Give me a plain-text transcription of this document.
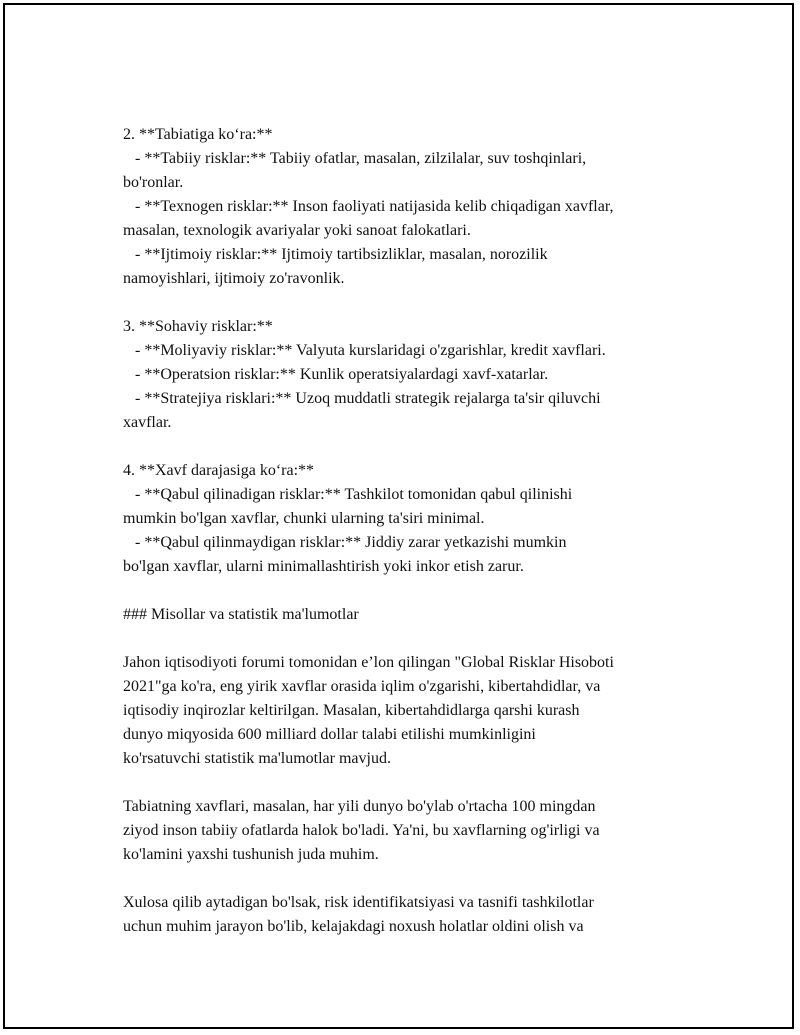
2. **Tabiatiga ko‘ra:**
- **Tabiiy risklar:** Tabiiy ofatlar, masalan, zilzilalar, suv toshqinlari,
bo'ronlar.
- **Texnogen risklar:** Inson faoliyati natijasida kelib chiqadigan xavflar,
masalan, texnologik avariyalar yoki sanoat falokatlari.
- **Ijtimoiy risklar:** Ijtimoiy tartibsizliklar, masalan, norozilik
namoyishlari, ijtimoiy zo'ravonlik.
3. **Sohaviy risklar:**
- **Moliyaviy risklar:** Valyuta kurslaridagi o'zgarishlar, kredit xavflari.
- **Operatsion risklar:** Kunlik operatsiyalardagi xavf-xatarlar.
- **Stratejiya risklari:** Uzoq muddatli strategik rejalarga ta'sir qiluvchi
xavflar.
4. **Xavf darajasiga ko‘ra:**
- **Qabul qilinadigan risklar:** Tashkilot tomonidan qabul qilinishi
mumkin bo'lgan xavflar, chunki ularning ta'siri minimal.
- **Qabul qilinmaydigan risklar:** Jiddiy zarar yetkazishi mumkin
bo'lgan xavflar, ularni minimallashtirish yoki inkor etish zarur.
### Misollar va statistik ma'lumotlar
Jahon iqtisodiyoti forumi tomonidan e’lon qilingan "Global Risklar Hisoboti
2021"ga ko'ra, eng yirik xavflar orasida iqlim o'zgarishi, kibertahdidlar, va
iqtisodiy inqirozlar keltirilgan. Masalan, kibertahdidlarga qarshi kurash
dunyo miqyosida 600 milliard dollar talabi etilishi mumkinligini
ko'rsatuvchi statistik ma'lumotlar mavjud.
Tabiatning xavflari, masalan, har yili dunyo bo'ylab o'rtacha 100 mingdan
ziyod inson tabiiy ofatlarda halok bo'ladi. Ya'ni, bu xavflarning og'irligi va
ko'lamini yaxshi tushunish juda muhim.
Xulosa qilib aytadigan bo'lsak, risk identifikatsiyasi va tasnifi tashkilotlar
uchun muhim jarayon bo'lib, kelajakdagi noxush holatlar oldini olish va
